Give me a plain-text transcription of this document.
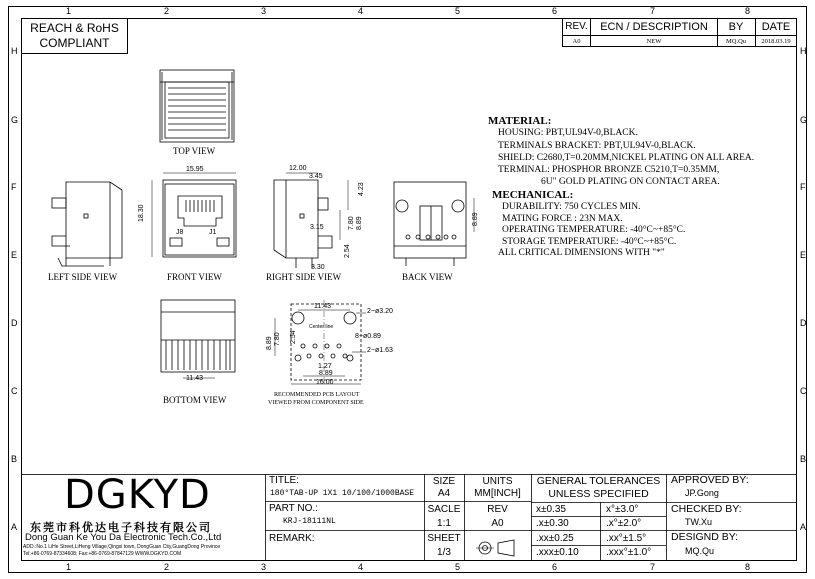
1	2	3	4	5	6	7	8
1	2	3	4	5	6	7	8
H
G
F
E
D
C
B
A
H
G
F
E
D
C
B
A
REACH & RoHS
COMPLIANT
REV.	ECN / DESCRIPTION	BY	DATE
A0	NEW	MQ.Qu	2018.03.19
TOP VIEW
LEFT SIDE VIEW	FRONT VIEW	RIGHT SIDE VIEW	BACK VIEW
BOTTOM VIEW	RECOMMENDED PCB LAYOUT
VIEWED FROM COMPONENT SIDE
15.95
18.30
J8	J1
12.00
3.45
4.23
7.80 8.89
3.15
2.54
3.30
8.89
11.43
11.43
2−ø3.20
2.54
7.80
8.89	8−ø0.89
2−ø1.63
1.27
8.89
16.00
Center line
MATERIAL:
HOUSING: PBT,UL94V-0,BLACK.
TERMINALS BRACKET: PBT,UL94V-0,BLACK.
SHIELD: C2680,T=0.20MM,NICKEL PLATING ON ALL AREA.
TERMINAL: PHOSPHOR BRONZE C5210,T=0.35MM,
6U" GOLD PLATING ON CONTACT AREA.
MECHANICAL:
DURABILITY: 750 CYCLES MIN.
MATING FORCE : 23N MAX.
OPERATING TEMPERATURE: -40°C~+85°C.
STORAGE TEMPERATURE: -40°C~+85°C.
ALL CRITICAL DIMENSIONS WITH "*"
DGKYD
东莞市科优达电子科技有限公司
Dong Guan Ke You Da Electronic Tech.Co.,Ltd
ADD.:No.1 LiHe Street,LiHeng Village,Qingxi town, DongGuan City,GuangDong Province
Tel:+86-0769-87334608; Fax:+86-0769-87847129 WWW.DGKYD.COM
TITLE:
180°TAB-UP 1X1 10/100/1000BASE
SIZE
A4
UNITS
MM[INCH]
PART NO.:
KRJ-18111NL
SACLE
1:1
REV
A0
REMARK:	SHEET
1/3
GENERAL TOLERANCES
UNLESS SPECIFIED
x±0.35	x°±3.0°
.x±0.30	.x°±2.0°
.xx±0.25	.xx°±1.5°
.xxx±0.10	.xxx°±1.0°
APPROVED BY:
JP.Gong
CHECKED BY:
TW.Xu
DESIGND BY:
MQ.Qu
